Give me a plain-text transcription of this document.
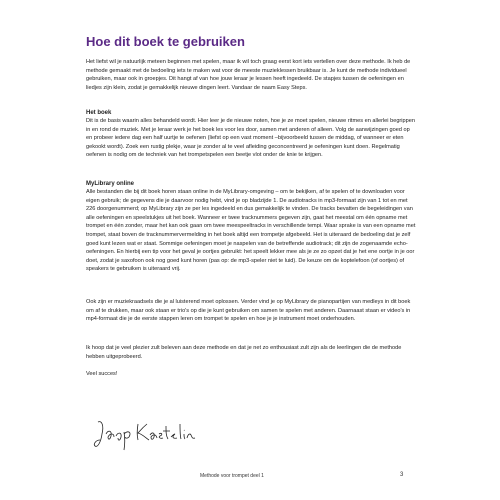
Hoe dit boek te gebruiken

Het liefst wil je natuurlijk meteen beginnen met spelen, maar ik wil toch graag eerst kort iets vertellen over deze methode. Ik heb de methode gemaakt met de bedoeling iets te maken wat voor de meeste muzieklessen bruikbaar is. Je kunt de methode individueel gebruiken, maar ook in groepjes. Dit hangt af van hoe jouw leraar je lessen heeft ingedeeld. De stapjes tussen de oefeningen en liedjes zijn klein, zodat je gemakkelijk nieuwe dingen leert. Vandaar de naam Easy Steps.

Het boek

Dit is de basis waarin alles behandeld wordt. Hier leer je de nieuwe noten, hoe je ze moet spelen, nieuwe ritmes en allerlei begrippen in en rond de muziek. Met je leraar werk je het boek les voor les door, samen met anderen of alleen. Volg de aanwijzingen goed op en probeer iedere dag een half uurtje te oefenen (liefst op een vast moment –bijvoorbeeld tussen de middag, of wanneer er eten gekookt wordt). Zoek een rustig plekje, waar je zonder al te veel afleiding geconcentreerd je oefeningen kunt doen. Regelmatig oefenen is nodig om de techniek van het trompetspelen een beetje vlot onder de knie te krijgen.

MyLibrary online

Alle bestanden die bij dit boek horen staan online in de MyLibrary-omgeving – om te bekijken, af te spelen of te downloaden voor eigen gebruik; de gegevens die je daarvoor nodig hebt, vind je op bladzijde 1. De audiotracks in mp3-formaat zijn van 1 tot en met 226 doorgenummerd; op MyLibrary zijn ze per les ingedeeld en dus gemakkelijk te vinden. De tracks bevatten de begeleidingen van alle oefeningen en speelstukjes uit het boek. Wanneer er twee tracknummers gegeven zijn, gaat het meestal om één opname met trompet en één zonder, maar het kan ook gaan om twee meespeeltracks in verschillende tempi. Waar sprake is van een opname met trompet, staat boven de tracknummervermelding in het boek altijd een trompetje afgebeeld. Het is uiteraard de bedoeling dat je zelf goed kunt lezen wat er staat. Sommige oefeningen moet je naspelen van de betreffende audiotrack; dit zijn de zogenaamde echo-oefeningen. En hierbij een tip voor het geval je oortjes gebruikt: het speelt lekker mee als je ze zo opzet dat je het ene oortje in je oor doet, zodat je saxofoon ook nog goed kunt horen (pas op: de mp3-speler niet te luid). De keuze om de koptelefoon (of oortjes) of speakers te gebruiken is uiteraard vrij.

Ook zijn er muziekraadsels die je al luisterend moet oplossen. Verder vind je op MyLibrary de pianopartijen van medleys in dit boek om af te drukken, maar ook staan er trio's op die je kunt gebruiken om samen te spelen met anderen. Daarnaast staan er video's in mp4-formaat die je de eerste stappen leren om trompet te spelen en hoe je je instrument moet onderhouden.

Ik hoop dat je veel plezier zult beleven aan deze methode en dat je net zo enthousiast zult zijn als de leerlingen die de methode hebben uitgeprobeerd.

Veel succes!

Methode voor trompet deel 1	3
